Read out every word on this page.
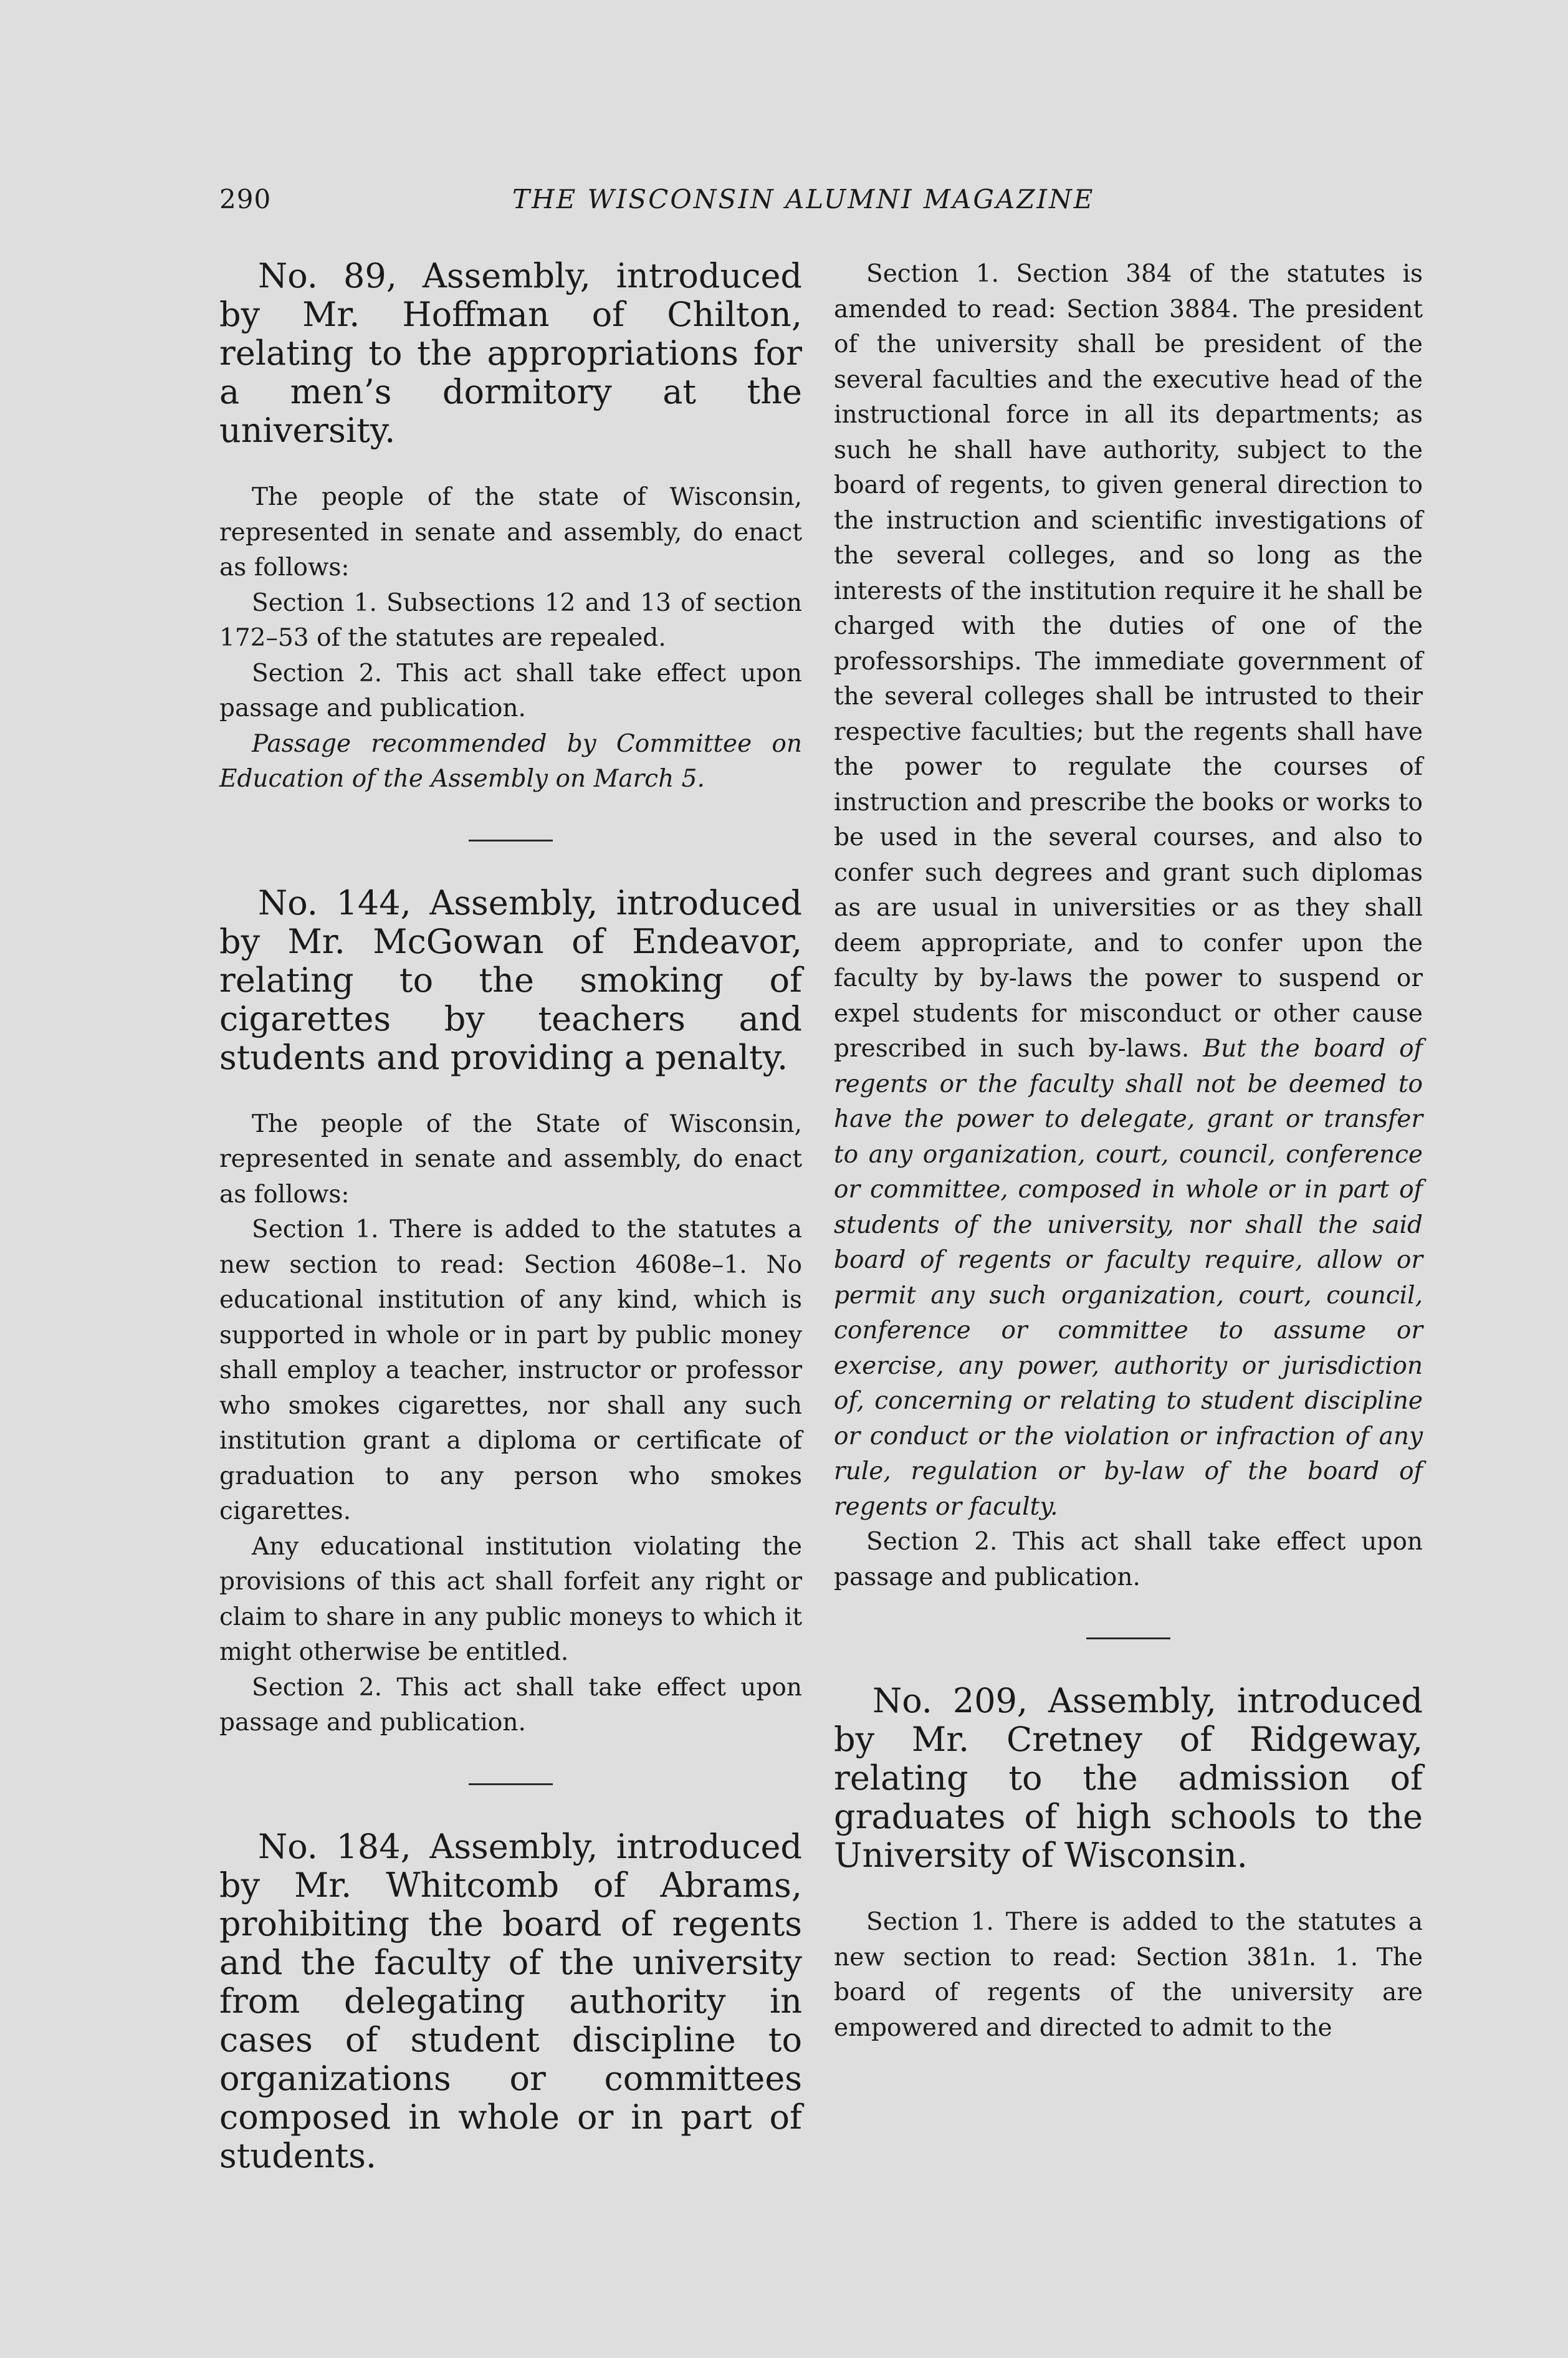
290	THE WISCONSIN ALUMNI MAGAZINE
No. 89, Assembly, introduced by Mr. Hoffman of Chilton, relating to the appropriations for a men’s dormitory at the university.

The people of the state of Wisconsin, represented in senate and assembly, do enact as follows:

Section 1. Subsections 12 and 13 of section 172–53 of the statutes are repealed.

Section 2. This act shall take effect upon passage and publication.

Passage recommended by Committee on Education of the Assembly on March 5.

No. 144, Assembly, introduced by Mr. McGowan of Endeavor, relating to the smoking of cigarettes by teachers and students and providing a penalty.

The people of the State of Wisconsin, represented in senate and assembly, do enact as follows:

Section 1. There is added to the statutes a new section to read: Section 4608e–1. No educational institution of any kind, which is supported in whole or in part by public money shall employ a teacher, instructor or professor who smokes cigarettes, nor shall any such institution grant a diploma or certificate of graduation to any person who smokes cigarettes.

Any educational institution violating the provisions of this act shall forfeit any right or claim to share in any public moneys to which it might otherwise be entitled.

Section 2. This act shall take effect upon passage and publication.

No. 184, Assembly, introduced by Mr. Whitcomb of Abrams, prohibiting the board of regents and the faculty of the university from delegating authority in cases of student discipline to organizations or committees composed in whole or in part of students.

Section 1. Section 384 of the statutes is amended to read: Section 3884. The president of the university shall be president of the several faculties and the executive head of the instructional force in all its departments; as such he shall have authority, subject to the board of regents, to given general direction to the instruction and scientific investigations of the several colleges, and so long as the interests of the institution require it he shall be charged with the duties of one of the professorships. The immediate government of the several colleges shall be intrusted to their respective faculties; but the regents shall have the power to regulate the courses of instruction and prescribe the books or works to be used in the several courses, and also to confer such degrees and grant such diplomas as are usual in universities or as they shall deem appropriate, and to confer upon the faculty by by-laws the power to suspend or expel students for misconduct or other cause prescribed in such by-laws. But the board of regents or the faculty shall not be deemed to have the power to delegate, grant or transfer to any organization, court, council, conference or committee, composed in whole or in part of students of the university, nor shall the said board of regents or faculty require, allow or permit any such organization, court, council, conference or committee to assume or exercise, any power, authority or jurisdiction of, concerning or relating to student discipline or conduct or the violation or infraction of any rule, regulation or by-law of the board of regents or faculty.

Section 2. This act shall take effect upon passage and publication.

No. 209, Assembly, introduced by Mr. Cretney of Ridgeway, relating to the admission of graduates of high schools to the University of Wisconsin.

Section 1. There is added to the statutes a new section to read: Section 381n. 1. The board of regents of the university are empowered and directed to admit to the
